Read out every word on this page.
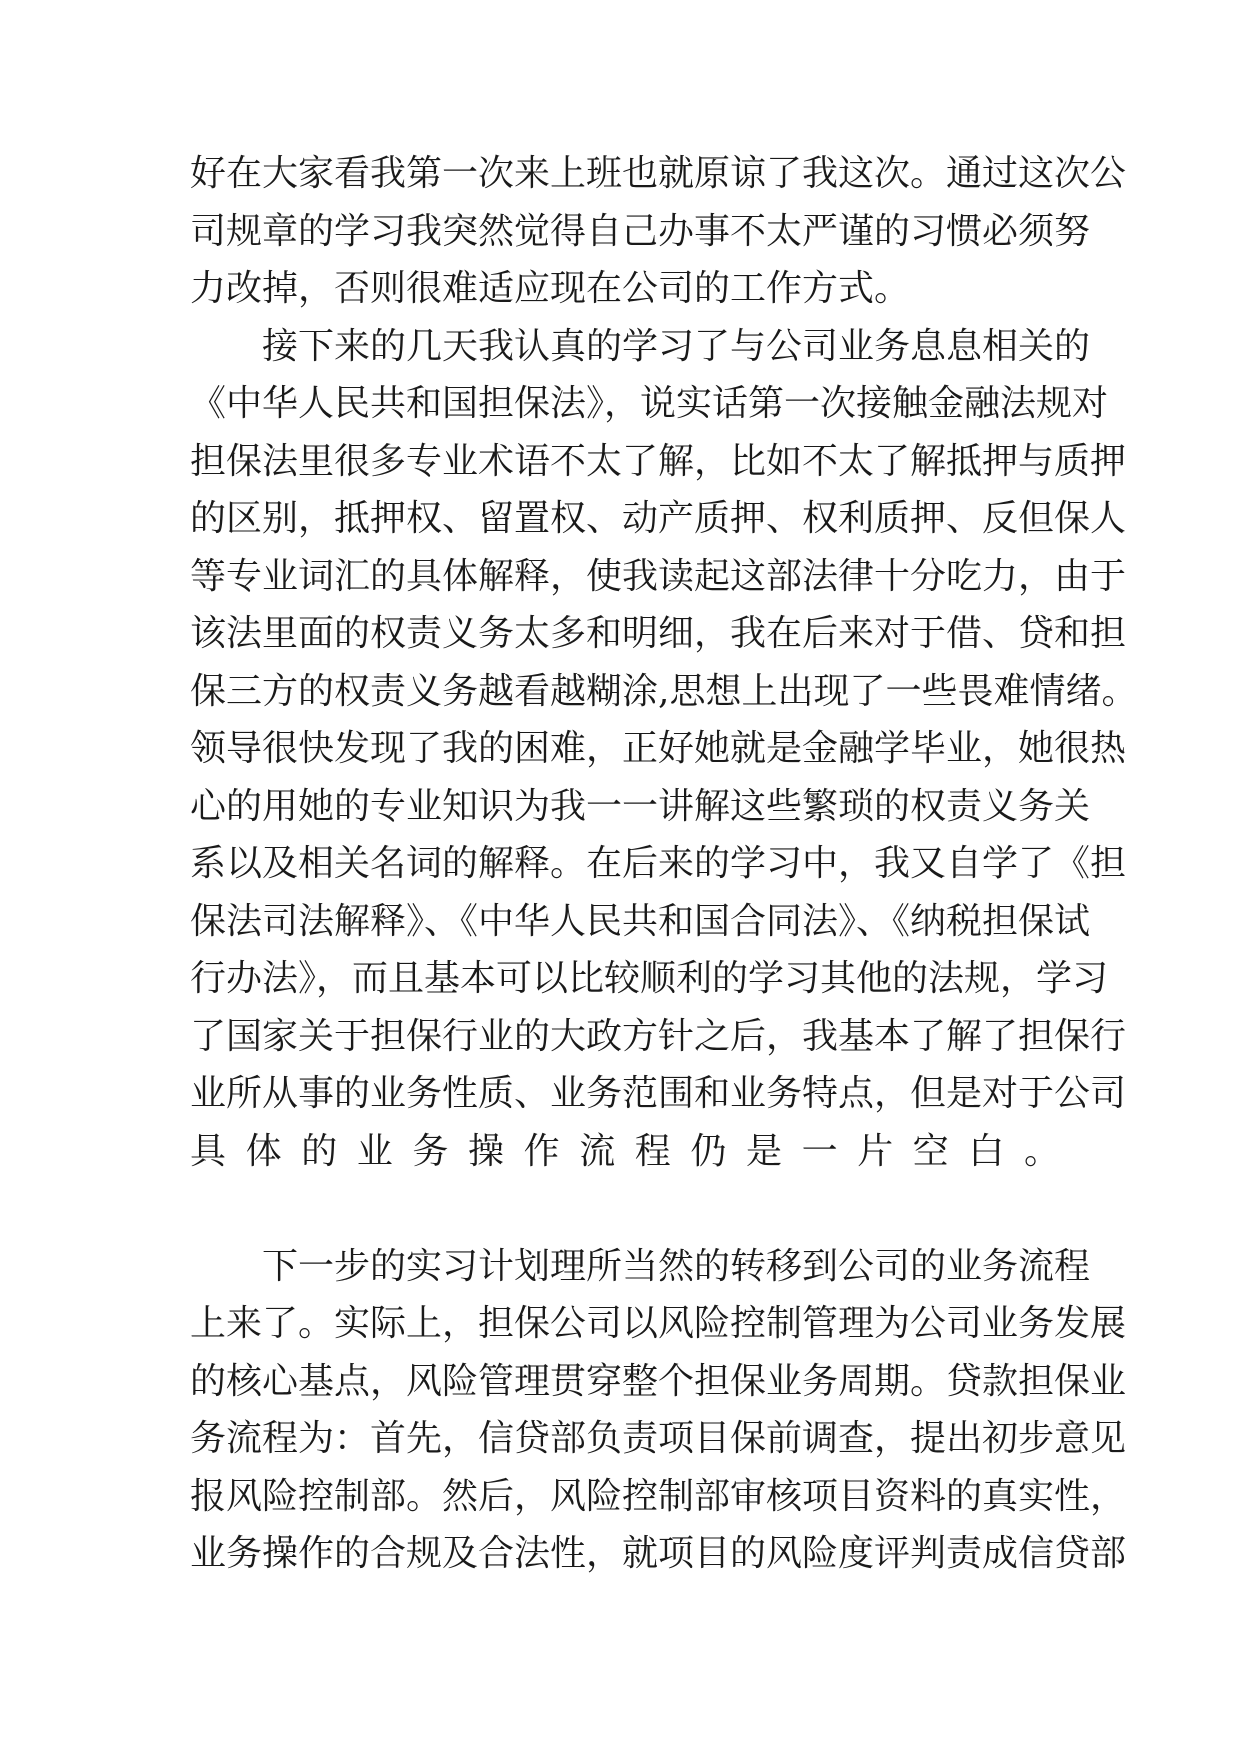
好在大家看我第一次来上班也就原谅了我这次。通过这次公
司规章的学习我突然觉得自己办事不太严谨的习惯必须努
力改掉，否则很难适应现在公司的工作方式。

接下来的几天我认真的学习了与公司业务息息相关的
《中华人民共和国担保法》，说实话第一次接触金融法规对
担保法里很多专业术语不太了解，比如不太了解抵押与质押
的区别，抵押权、留置权、动产质押、权利质押、反但保人
等专业词汇的具体解释，使我读起这部法律十分吃力，由于
该法里面的权责义务太多和明细，我在后来对于借、贷和担
保三方的权责义务越看越糊涂,思想上出现了一些畏难情绪。
领导很快发现了我的困难，正好她就是金融学毕业，她很热
心的用她的专业知识为我一一讲解这些繁琐的权责义务关
系以及相关名词的解释。在后来的学习中，我又自学了《担
保法司法解释》、《中华人民共和国合同法》、《纳税担保试
行办法》，而且基本可以比较顺利的学习其他的法规，学习
了国家关于担保行业的大政方针之后，我基本了解了担保行
业所从事的业务性质、业务范围和业务特点，但是对于公司
具体的业务操作流程仍是一片空白。

下一步的实习计划理所当然的转移到公司的业务流程
上来了。实际上，担保公司以风险控制管理为公司业务发展
的核心基点，风险管理贯穿整个担保业务周期。贷款担保业
务流程为：首先，信贷部负责项目保前调查，提出初步意见
报风险控制部。然后，风险控制部审核项目资料的真实性，
业务操作的合规及合法性，就项目的风险度评判责成信贷部
